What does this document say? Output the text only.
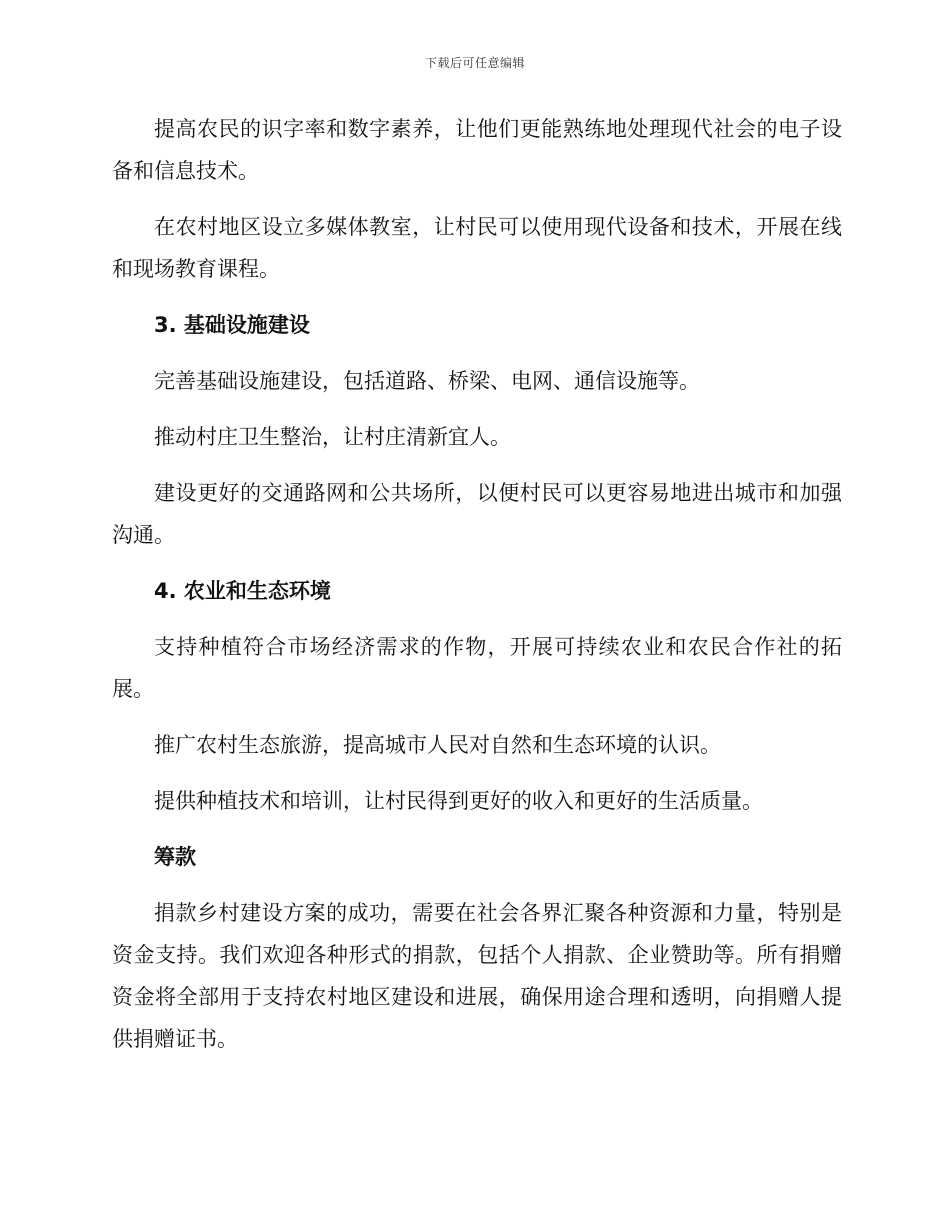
下载后可任意编辑

提高农民的识字率和数字素养，让他们更能熟练地处理现代社会的电子设备和信息技术。

在农村地区设立多媒体教室，让村民可以使用现代设备和技术，开展在线和现场教育课程。

3. 基础设施建设

完善基础设施建设，包括道路、桥梁、电网、通信设施等。

推动村庄卫生整治，让村庄清新宜人。

建设更好的交通路网和公共场所，以便村民可以更容易地进出城市和加强沟通。

4. 农业和生态环境

支持种植符合市场经济需求的作物，开展可持续农业和农民合作社的拓展。

推广农村生态旅游，提高城市人民对自然和生态环境的认识。

提供种植技术和培训，让村民得到更好的收入和更好的生活质量。

筹款

捐款乡村建设方案的成功，需要在社会各界汇聚各种资源和力量，特别是资金支持。我们欢迎各种形式的捐款，包括个人捐款、企业赞助等。所有捐赠资金将全部用于支持农村地区建设和进展，确保用途合理和透明，向捐赠人提供捐赠证书。
